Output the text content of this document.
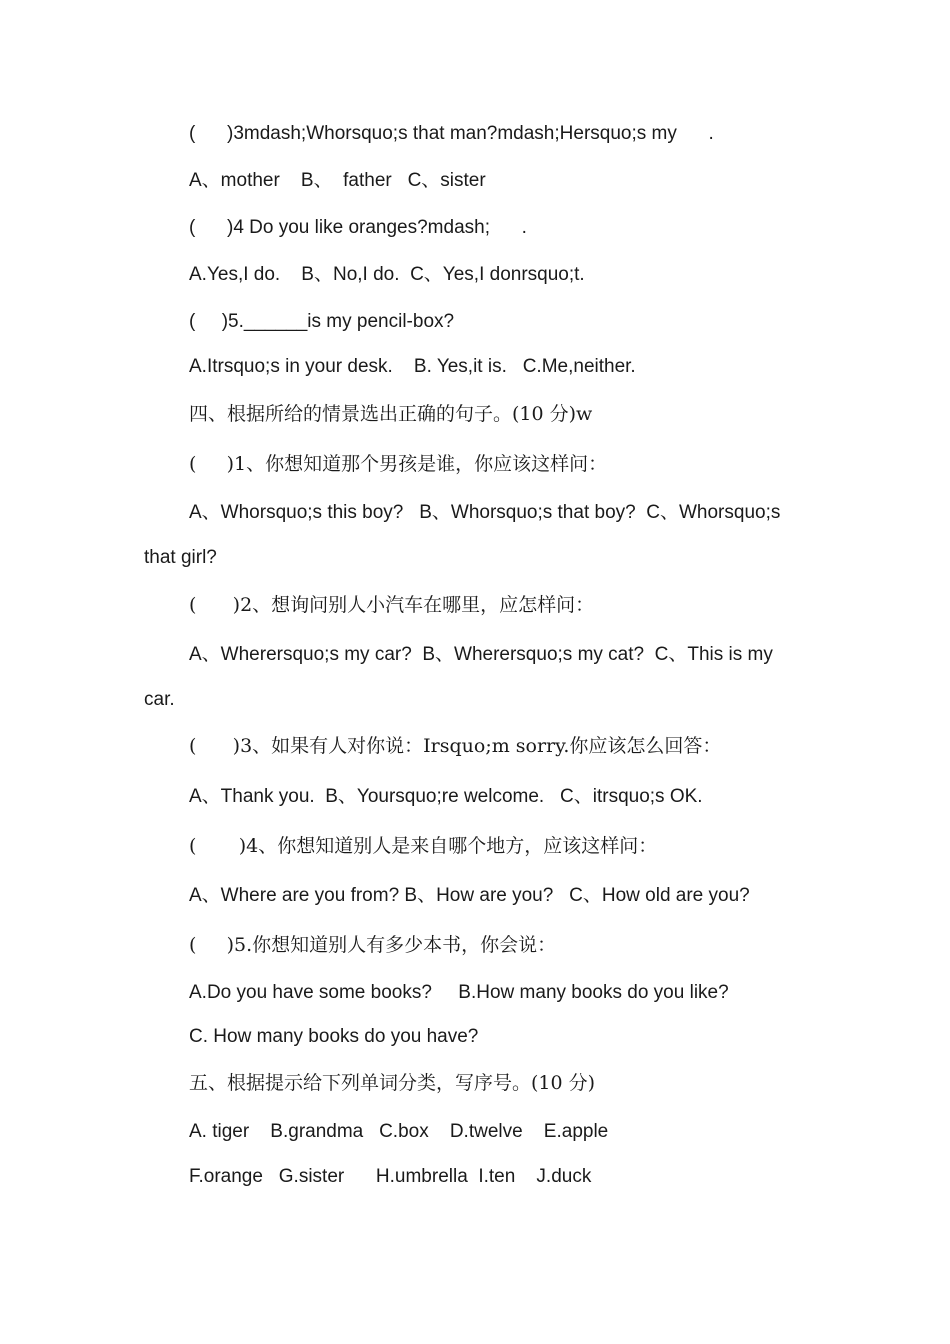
(      )3mdash;Whorsquo;s that man?mdash;Hersquo;s my      .
A、mother    B、  father   C、sister
(      )4 Do you like oranges?mdash;      .
A.Yes,I do.    B、No,I do.  C、Yes,I donrsquo;t.
(     )5.______is my pencil-box?
A.Itrsquo;s in your desk.    B. Yes,it is.   C.Me,neither.
四、根据所给的情景选出正确的句子。(10 分)w
(     )1、你想知道那个男孩是谁，你应该这样问：
A、Whorsquo;s this boy?   B、Whorsquo;s that boy?  C、Whorsquo;s
that girl?
(      )2、想询问别人小汽车在哪里，应怎样问：
A、Wherersquo;s my car?  B、Wherersquo;s my cat?  C、This is my
car.
(      )3、如果有人对你说：Irsquo;m sorry.你应该怎么回答：
A、Thank you.  B、Yoursquo;re welcome.   C、itrsquo;s OK.
(       )4、你想知道别人是来自哪个地方，应该这样问：
A、Where are you from? B、How are you?   C、How old are you?
(     )5.你想知道别人有多少本书，你会说：
A.Do you have some books?     B.How many books do you like?
C. How many books do you have?
五、根据提示给下列单词分类，写序号。(10 分)
A. tiger    B.grandma   C.box    D.twelve    E.apple
F.orange   G.sister      H.umbrella  I.ten    J.duck
